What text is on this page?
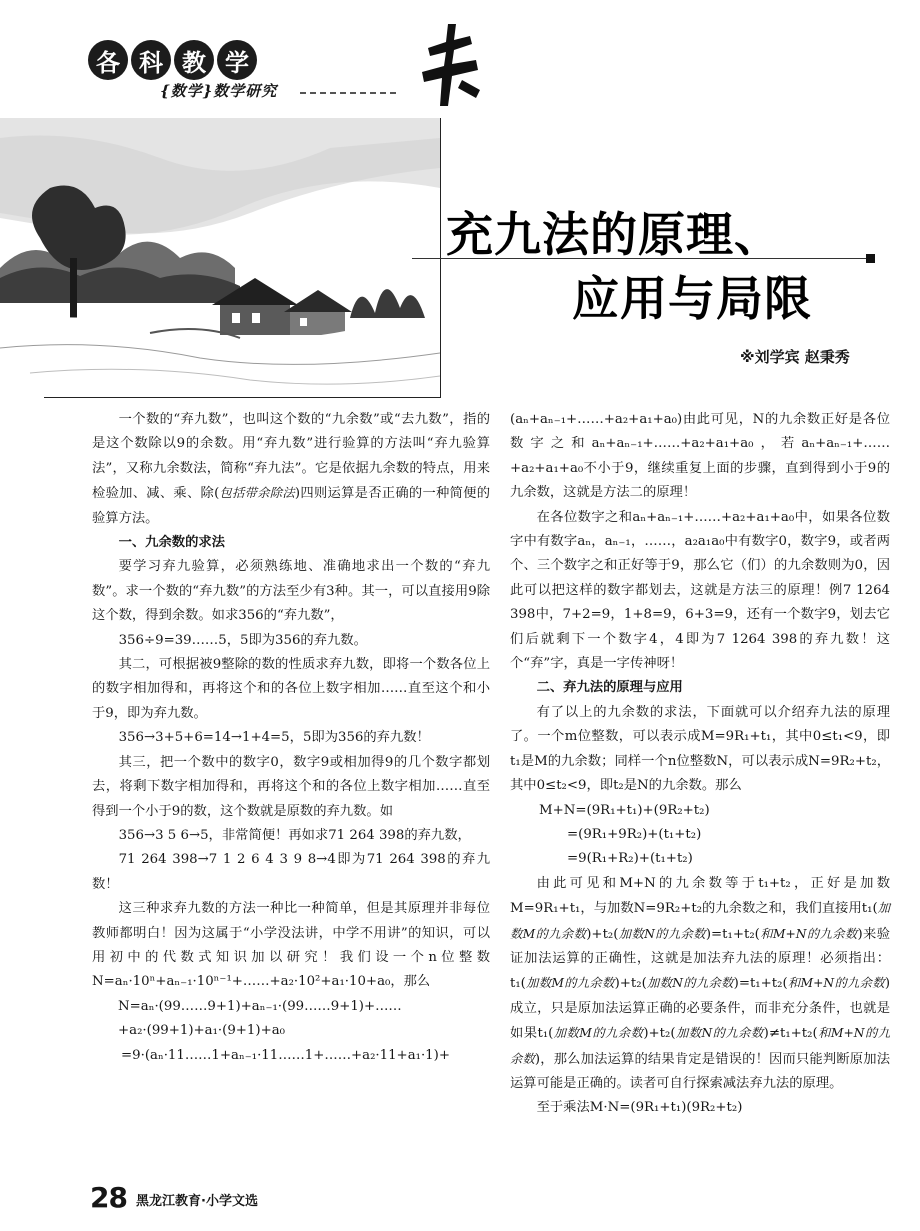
各 科 教 学
{数学}数学研究
充九法的原理、
应用与局限
※刘学宾 赵秉秀

一个数的“弃九数”，也叫这个数的“九余数”或“去九数”，指的是这个数除以9的余数。用“弃九数”进行验算的方法叫“弃九验算法”，又称九余数法，简称“弃九法”。它是依据九余数的特点，用来检验加、减、乘、除(包括带余除法)四则运算是否正确的一种简便的验算方法。

一、九余数的求法

要学习弃九验算，必须熟练地、准确地求出一个数的“弃九数”。求一个数的“弃九数”的方法至少有3种。其一，可以直接用9除这个数，得到余数。如求356的“弃九数”，

356÷9=39……5，5即为356的弃九数。

其二，可根据被9整除的数的性质求弃九数，即将一个数各位上的数字相加得和，再将这个和的各位上数字相加……直至这个和小于9，即为弃九数。

356→3+5+6=14→1+4=5，5即为356的弃九数！

其三，把一个数中的数字0，数字9或相加得9的几个数字都划去，将剩下数字相加得和，再将这个和的各位上数字相加……直至得到一个小于9的数，这个数就是原数的弃九数。如

356→3 5 6→5，非常简便！再如求71 264 398的弃九数，

71 264 398→7 1 2 6 4 3 9 8→4即为71 264 398的弃九数！

这三种求弃九数的方法一种比一种简单，但是其原理并非每位教师都明白！因为这属于“小学没法讲，中学不用讲”的知识，可以用初中的代数式知识加以研究！我们设一个n位整数N=aₙ·10ⁿ+aₙ₋₁·10ⁿ⁻¹+……+a₂·10²+a₁·10+a₀，那么

N=aₙ·(99……9+1)+aₙ₋₁·(99……9+1)+……+a₂·(99+1)+a₁·(9+1)+a₀

=9·(aₙ·11……1+aₙ₋₁·11……1+……+a₂·11+a₁·1)+

(aₙ+aₙ₋₁+……+a₂+a₁+a₀)由此可见，N的九余数正好是各位数字之和aₙ+aₙ₋₁+……+a₂+a₁+a₀，若aₙ+aₙ₋₁+……+a₂+a₁+a₀不小于9，继续重复上面的步骤，直到得到小于9的九余数，这就是方法二的原理！

在各位数字之和aₙ+aₙ₋₁+……+a₂+a₁+a₀中，如果各位数字中有数字aₙ，aₙ₋₁，……，a₂a₁a₀中有数字0，数字9，或者两个、三个数字之和正好等于9，那么它（们）的九余数则为0，因此可以把这样的数字都划去，这就是方法三的原理！例7 1264 398中，7+2=9，1+8=9，6+3=9，还有一个数字9，划去它们后就剩下一个数字4，4即为7 1264 398的弃九数！这个“弃”字，真是一字传神呀！

二、弃九法的原理与应用

有了以上的九余数的求法，下面就可以介绍弃九法的原理了。一个m位整数，可以表示成M=9R₁+t₁，其中0≤t₁<9，即t₁是M的九余数；同样一个n位整数N，可以表示成N=9R₂+t₂，其中0≤t₂<9，即t₂是N的九余数。那么

M+N=(9R₁+t₁)+(9R₂+t₂)

=(9R₁+9R₂)+(t₁+t₂)

=9(R₁+R₂)+(t₁+t₂)

由此可见和M+N的九余数等于t₁+t₂，正好是加数M=9R₁+t₁，与加数N=9R₂+t₂的九余数之和，我们直接用t₁(加数M的九余数)+t₂(加数N的九余数)=t₁+t₂(和M+N的九余数)来验证加法运算的正确性，这就是加法弃九法的原理！必须指出：t₁(加数M的九余数)+t₂(加数N的九余数)=t₁+t₂(和M+N的九余数)成立，只是原加法运算正确的必要条件，而非充分条件，也就是如果t₁(加数M的九余数)+t₂(加数N的九余数)≠t₁+t₂(和M+N的九余数)，那么加法运算的结果肯定是错误的！因而只能判断原加法运算可能是正确的。读者可自行探索减法弃九法的原理。

至于乘法M·N=(9R₁+t₁)(9R₂+t₂)

28 黑龙江教育·小学文选
